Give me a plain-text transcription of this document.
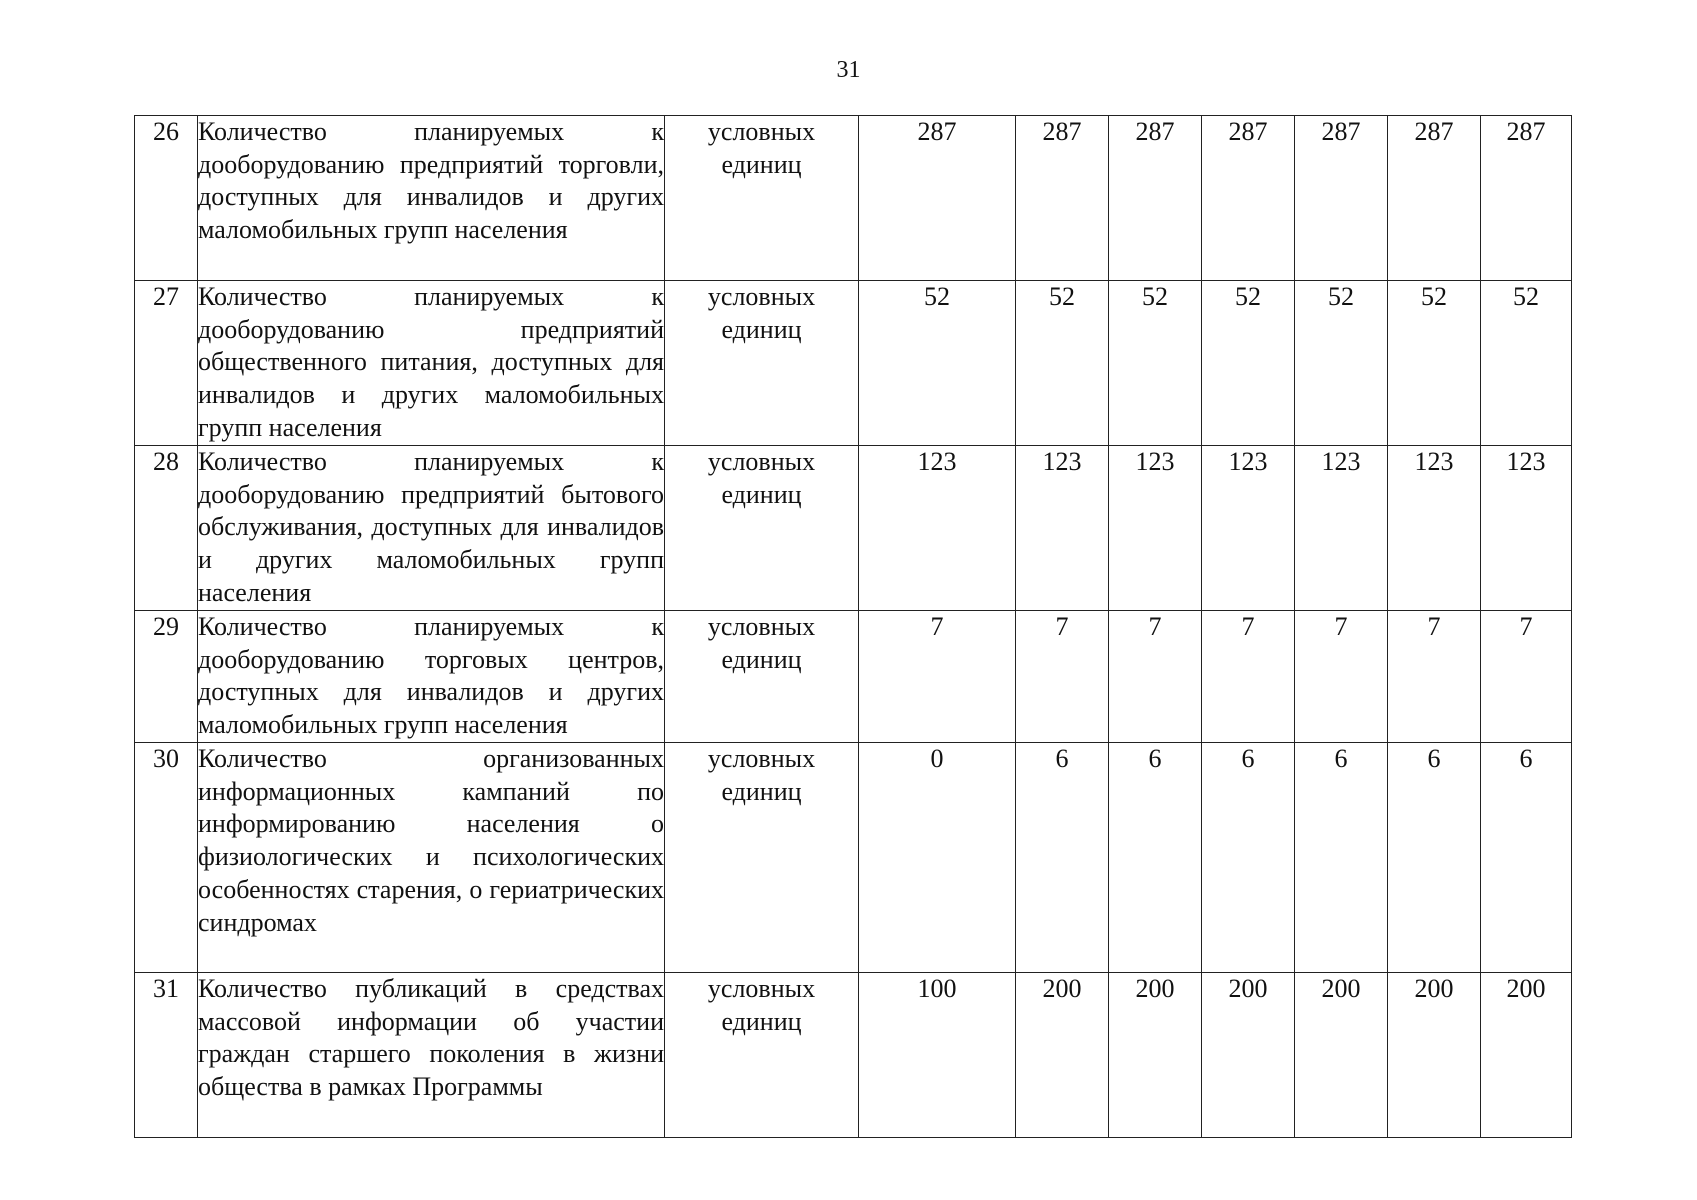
31
26	Количество планируемых к дооборудованию предприятий торговли, доступных для инвалидов и других маломобильных групп населения	условных единиц	287	287	287	287	287	287	287
27	Количество планируемых к дооборудованию предприятий общественного питания, доступных для инвалидов и других маломобильных групп населения	условных единиц	52	52	52	52	52	52	52
28	Количество планируемых к дооборудованию предприятий бытового обслуживания, доступных для инвалидов и других маломобильных групп населения	условных единиц	123	123	123	123	123	123	123
29	Количество планируемых к дооборудованию торговых центров, доступных для инвалидов и других маломобильных групп населения	условных единиц	7	7	7	7	7	7	7
30	Количество организованных информационных кампаний по информированию населения о физиологических и психологических особенностях старения, о гериатрических синдромах	условных единиц	0	6	6	6	6	6	6
31	Количество публикаций в средствах массовой информации об участии граждан старшего поколения в жизни общества в рамках Программы	условных единиц	100	200	200	200	200	200	200
